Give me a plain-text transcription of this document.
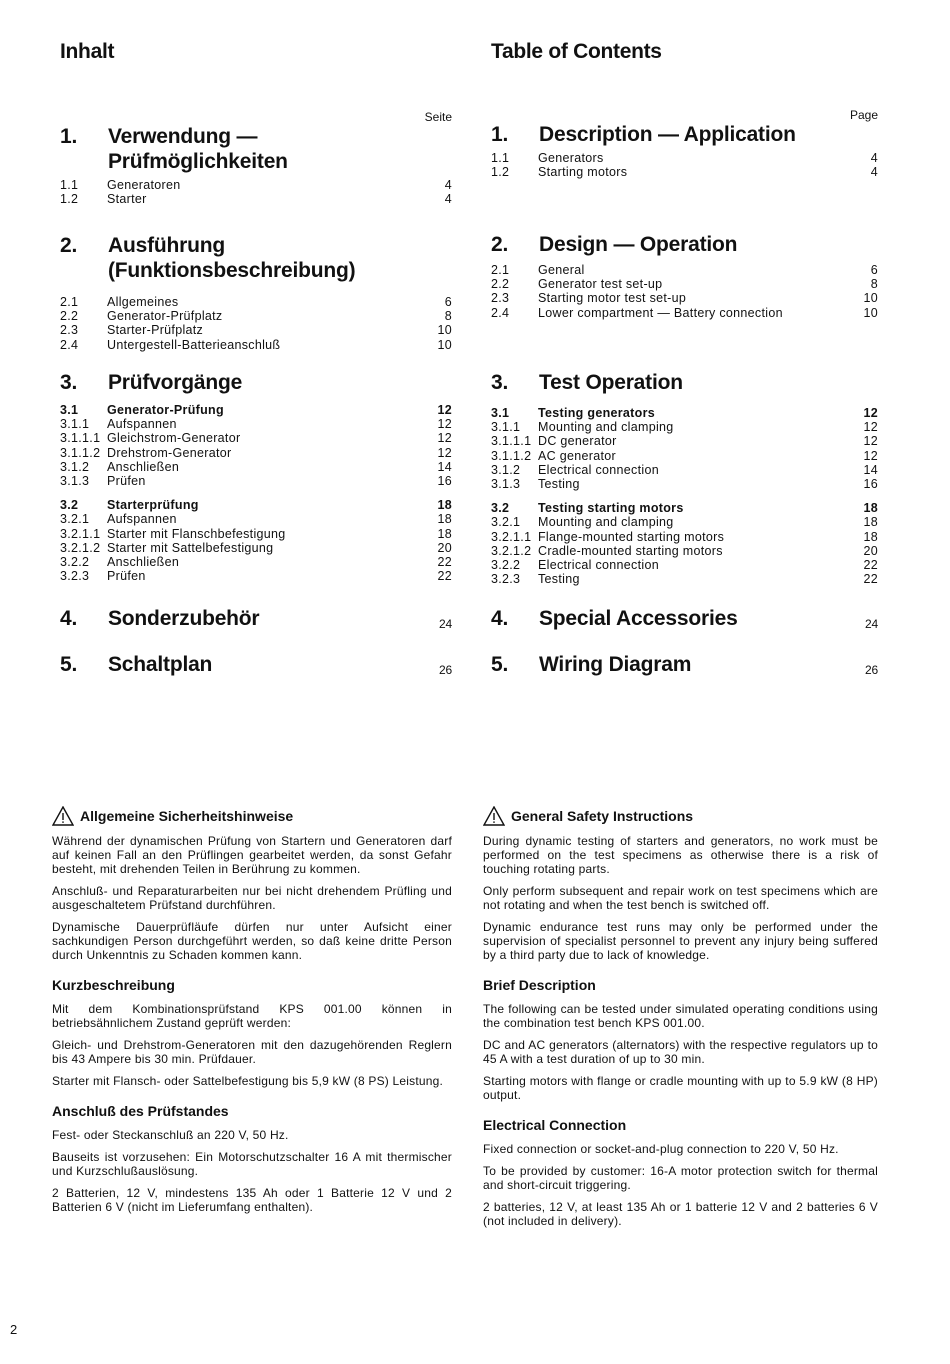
Inhalt
Seite
1.	Verwendung —
Prüfmöglichkeiten
1.1	Generatoren	4
1.2	Starter	4
2.	Ausführung
(Funktionsbeschreibung)
2.1	Allgemeines	6
2.2	Generator-Prüfplatz	8
2.3	Starter-Prüfplatz	10
2.4	Untergestell-Batterieanschluß	10
3.	Prüfvorgänge
3.1	Generator-Prüfung	12
3.1.1	Aufspannen	12
3.1.1.1 Gleichstrom-Generator	12
3.1.1.2 Drehstrom-Generator	12
3.1.2	Anschließen	14
3.1.3	Prüfen	16
3.2	Starterprüfung	18
3.2.1	Aufspannen	18
3.2.1.1 Starter mit Flanschbefestigung	18
3.2.1.2 Starter mit Sattelbefestigung	20
3.2.2	Anschließen	22
3.2.3	Prüfen	22
4.	Sonderzubehör	24
5.	Schaltplan	26
Allgemeine Sicherheitshinweise

Während der dynamischen Prüfung von Startern und Generatoren darf auf keinen Fall an den Prüflingen gearbeitet werden, da sonst Gefahr besteht, mit drehenden Teilen in Berührung zu kommen.

Anschluß- und Reparaturarbeiten nur bei nicht drehendem Prüfling und ausgeschaltetem Prüfstand durchführen.

Dynamische Dauerprüfläufe dürfen nur unter Aufsicht einer sachkundigen Person durchgeführt werden, so daß keine dritte Person durch Unkenntnis zu Schaden kommen kann.

Kurzbeschreibung

Mit dem Kombinationsprüfstand KPS 001.00 können in betriebsähnlichem Zustand geprüft werden:

Gleich- und Drehstrom-Generatoren mit den dazugehörenden Reglern bis 43 Ampere bis 30 min. Prüfdauer.

Starter mit Flansch- oder Sattelbefestigung bis 5,9 kW (8 PS) Leistung.

Anschluß des Prüfstandes

Fest- oder Steckanschluß an 220 V, 50 Hz.

Bauseits ist vorzusehen: Ein Motorschutzschalter 16 A mit thermischer und Kurzschlußauslösung.

2 Batterien, 12 V, mindestens 135 Ah oder 1 Batterie 12 V und 2 Batterien 6 V (nicht im Lieferumfang enthalten).

Table of Contents
Page
1.	Description — Application
1.1	Generators	4
1.2	Starting motors	4
2.	Design — Operation
2.1	General	6
2.2	Generator test set-up	8
2.3	Starting motor test set-up	10
2.4	Lower compartment — Battery connection	10
3.	Test Operation
3.1	Testing generators	12
3.1.1	Mounting and clamping	12
3.1.1.1 DC generator	12
3.1.1.2 AC generator	12
3.1.2	Electrical connection	14
3.1.3	Testing	16
3.2	Testing starting motors	18
3.2.1	Mounting and clamping	18
3.2.1.1 Flange-mounted starting motors	18
3.2.1.2 Cradle-mounted starting motors	20
3.2.2	Electrical connection	22
3.2.3	Testing	22
4.	Special Accessories	24
5.	Wiring Diagram	26
General Safety Instructions

During dynamic testing of starters and generators, no work must be performed on the test specimens as otherwise there is a risk of touching rotating parts.

Only perform subsequent and repair work on test specimens which are not rotating and when the test bench is switched off.

Dynamic endurance test runs may only be performed under the supervision of specialist personnel to prevent any injury being suffered by a third party due to lack of knowledge.

Brief Description

The following can be tested under simulated operating conditions using the combination test bench KPS 001.00.

DC and AC generators (alternators) with the respective regulators up to 45 A with a test duration of up to 30 min.

Starting motors with flange or cradle mounting with up to 5.9 kW (8 HP) output.

Electrical Connection

Fixed connection or socket-and-plug connection to 220 V, 50 Hz.

To be provided by customer: 16-A motor protection switch for thermal and short-circuit triggering.

2 batteries, 12 V, at least 135 Ah or 1 batterie 12 V and 2 batteries 6 V (not included in delivery).

2
